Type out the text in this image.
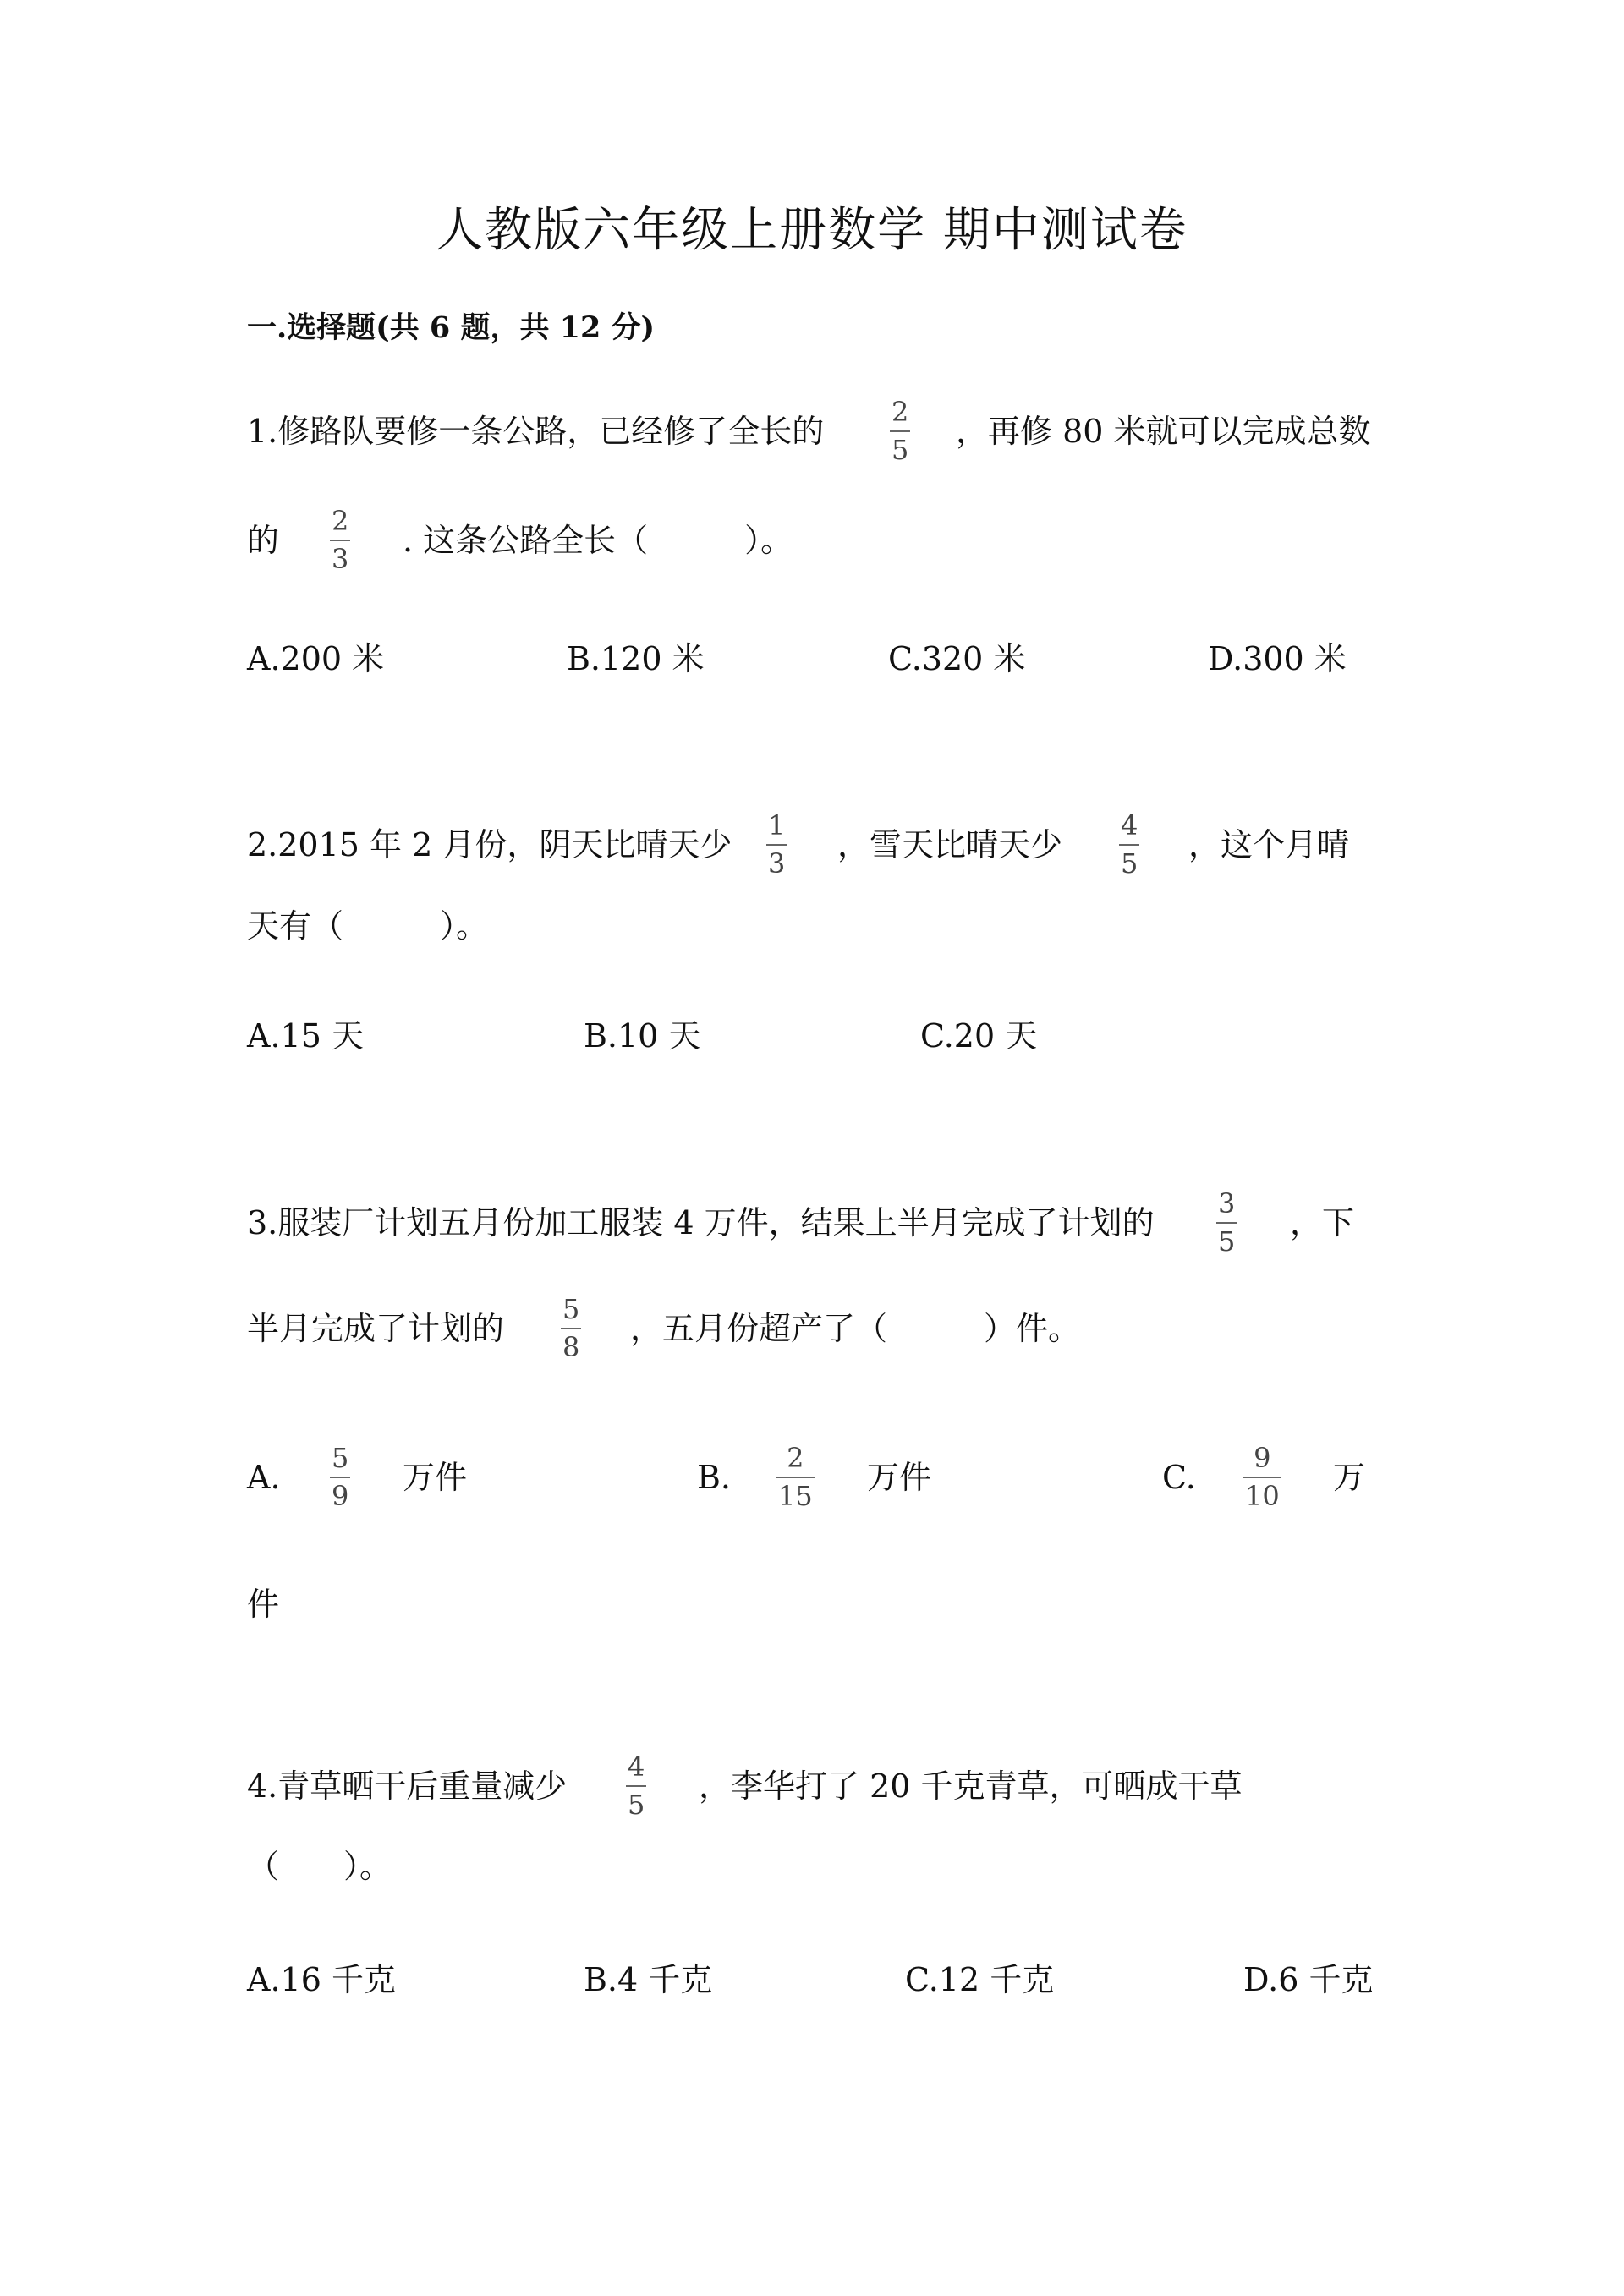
人教版六年级上册数学 期中测试卷
一.选择题(共 6 题，共 12 分)
1.修路队要修一条公路，已经修了全长的
2
5 ，再修 80 米就可以完成总数
的
2
3 . 这条公路全长（　　　）。
A.200 米	B.120 米	C.320 米	D.300 米
2.2015 年 2 月份，阴天比晴天少
1
3 ，雪天比晴天少
4
5 ，这个月晴
天有（　　　）。
A.15 天	B.10 天	C.20 天
3.服装厂计划五月份加工服装 4 万件，结果上半月完成了计划的
3
5 ，下
半月完成了计划的
5
8 ，五月份超产了（　　　）件。
A.
5
9 万件	B.
2
15 万件	C.
9
10 万
件
4.青草晒干后重量减少
4
5 ，李华打了 20 千克青草，可晒成干草
（　　）。
A.16 千克	B.4 千克	C.12 千克	D.6 千克
